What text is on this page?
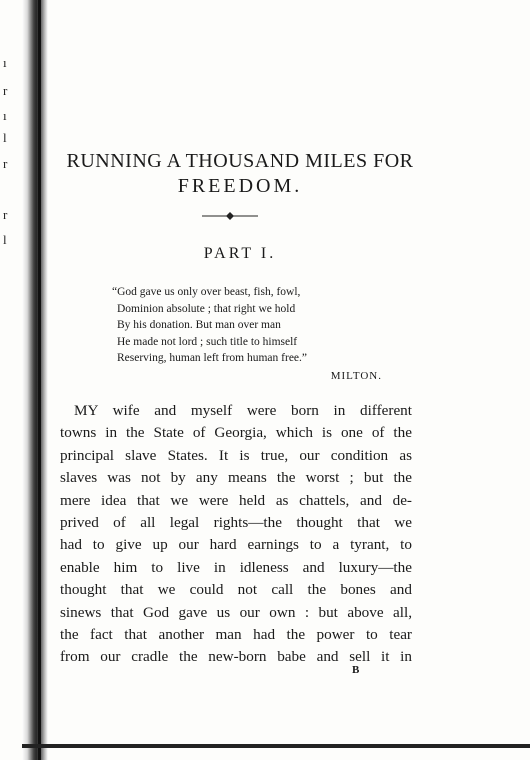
ı
r
ı
l
r
r
l
RUNNING A THOUSAND MILES FOR
FREEDOM.
PART I.
“God gave us only over beast, fish, fowl,
Dominion absolute ; that right we hold
By his donation. But man over man
He made not lord ; such title to himself
Reserving, human left from human free.”
MILTON.
MY wife and myself were born in different
towns in the State of Georgia, which is one of the
principal slave States. It is true, our condition as
slaves was not by any means the worst ; but the
mere idea that we were held as chattels, and de-
prived of all legal rights—the thought that we
had to give up our hard earnings to a tyrant, to
enable him to live in idleness and luxury—the
thought that we could not call the bones and
sinews that God gave us our own : but above all,
the fact that another man had the power to tear
from our cradle the new-born babe and sell it in
B
